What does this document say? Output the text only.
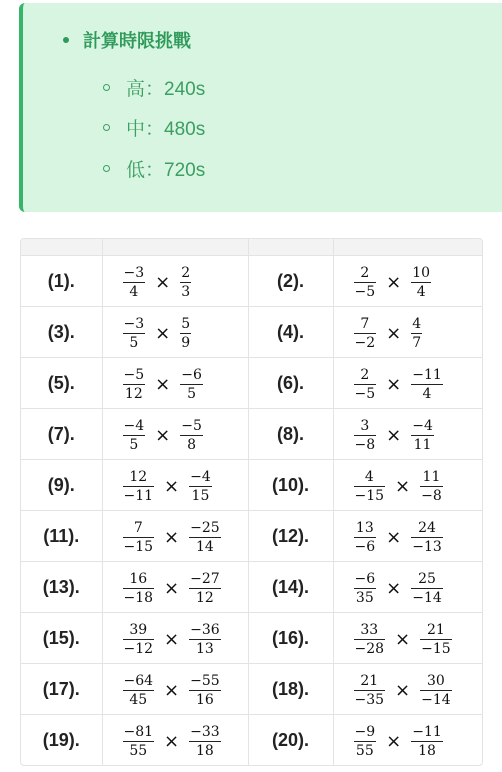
計算時限挑戰
高：240s
中：480s
低：720s

(1).	$\frac{-3}{4} \times \frac{2}{3}$	(2).	$\frac{2}{-5} \times \frac{10}{4}$

(3).	$\frac{-3}{5} \times \frac{5}{9}$	(4).	$\frac{7}{-2} \times \frac{4}{7}$

(5).	$\frac{-5}{12} \times \frac{-6}{5}$	(6).	$\frac{2}{-5} \times \frac{-11}{4}$

(7).	$\frac{-4}{5} \times \frac{-5}{8}$	(8).	$\frac{3}{-8} \times \frac{-4}{11}$

(9).	$\frac{12}{-11} \times \frac{-4}{15}$	(10).	$\frac{4}{-15} \times \frac{11}{-8}$

(11).	$\frac{7}{-15} \times \frac{-25}{14}$	(12).	$\frac{13}{-6} \times \frac{24}{-13}$

(13).	$\frac{16}{-18} \times \frac{-27}{12}$	(14).	$\frac{-6}{35} \times \frac{25}{-14}$

(15).	$\frac{39}{-12} \times \frac{-36}{13}$	(16).	$\frac{33}{-28} \times \frac{21}{-15}$

(17).	$\frac{-64}{45} \times \frac{-55}{16}$	(18).	$\frac{21}{-35} \times \frac{30}{-14}$

(19).	$\frac{-81}{55} \times \frac{-33}{18}$	(20).	$\frac{-9}{55} \times \frac{-11}{18}$
